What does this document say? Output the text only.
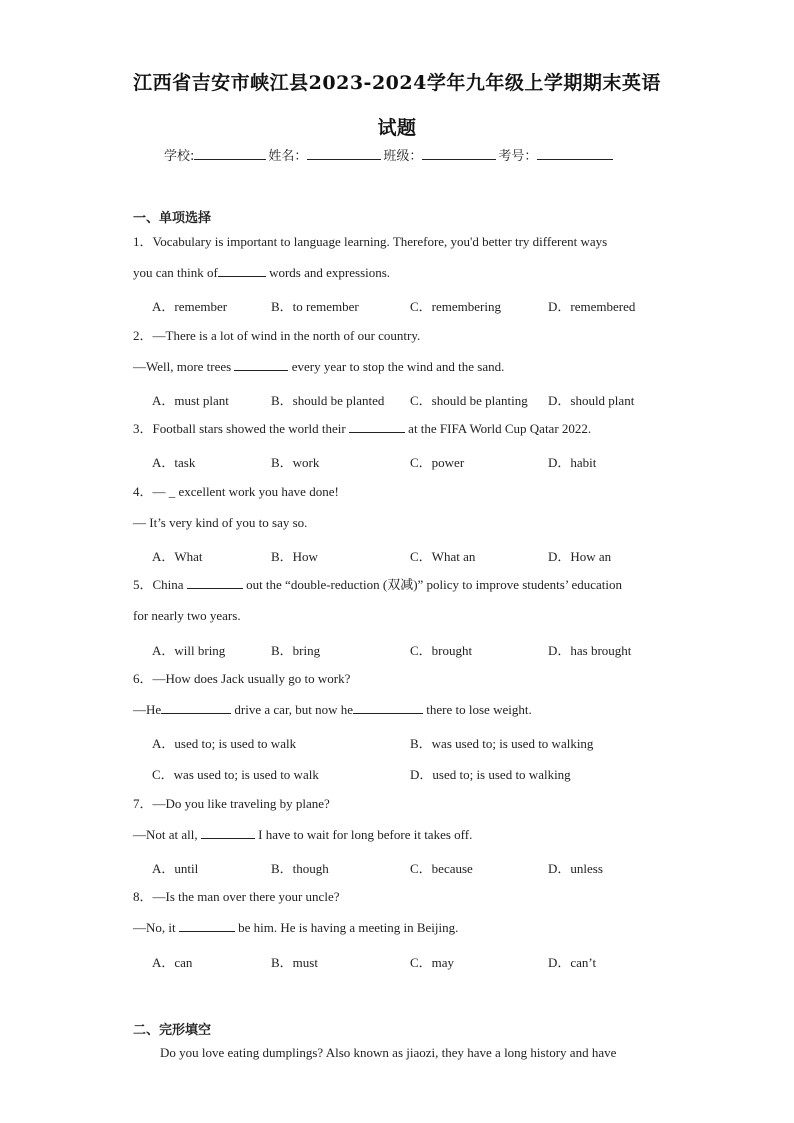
江西省吉安市峡江县2023-2024学年九年级上学期期末英语
试题
学校:	姓名：	班级：	考号：
一、单项选择
1．Vocabulary is important to language learning. Therefore, you'd better try different ways
you can think of	words and expressions.
A．remember	B．to remember	C．remembering	D．remembered
2．—There is a lot of wind in the north of our country.
—Well, more trees	every year to stop the wind and the sand.
A．must plant	B．should be planted C．should be planting D．should plant
3．Football stars showed the world their	at the FIFA World Cup Qatar 2022.
A．task	B．work	C．power	D．habit
4．— _ excellent work you have done!
— It’s very kind of you to say so.
A．What	B．How	C．What an	D．How an
5．China	out the “double-reduction (双减)” policy to improve students’ education
for nearly two years.
A．will bring	B．bring	C．brought	D．has brought
6．—How does Jack usually go to work?
—He	drive a car, but now he	there to lose weight.
A．used to; is used to walk	B．was used to; is used to walking
C．was used to; is used to walk	D．used to; is used to walking
7．—Do you like traveling by plane?
—Not at all,	I have to wait for long before it takes off.
A．until	B．though	C．because	D．unless
8．—Is the man over there your uncle?
—No, it	be him. He is having a meeting in Beijing.
A．can	B．must	C．may	D．can’t
二、完形填空
Do you love eating dumplings? Also known as jiaozi, they have a long history and have
